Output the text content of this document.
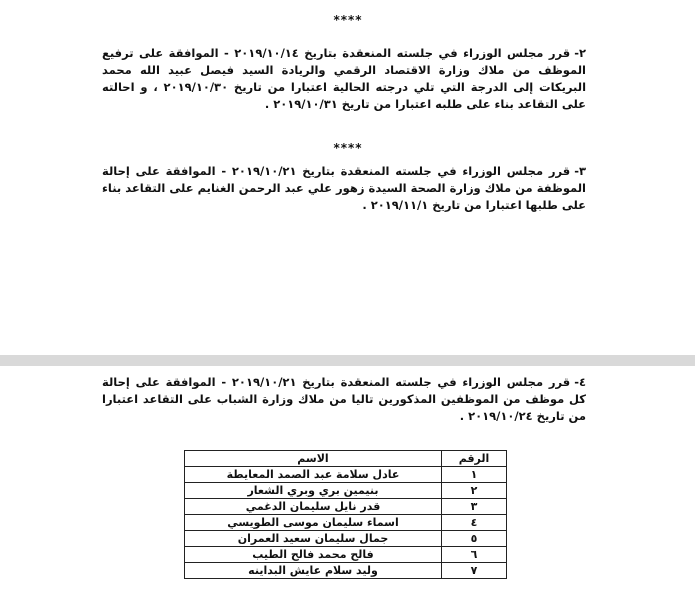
****

٢-قرر مجلس الوزراء في جلسته المنعقدة بتاريخ ٢٠١٩/١٠/١٤ - الموافقة على ترفيع الموظف من ملاك وزارة الاقتصاد الرقمي والريادة السيد فيصل عبيد الله محمد البريكات إلى الدرجة التي تلي درجته الحالية اعتبارا من تاريخ ٢٠١٩/١٠/٣٠ ، و احالته على التقاعد بناء على طلبه اعتبارا من تاريخ ٢٠١٩/١٠/٣١ .

****

٣-قرر مجلس الوزراء في جلسته المنعقدة بتاريخ ٢٠١٩/١٠/٢١ - الموافقة على إحالة الموظفة من ملاك وزارة الصحة السيدة زهور علي عبد الرحمن الغنايم على التقاعد بناء على طلبها اعتبارا من تاريخ ٢٠١٩/١١/١ .

٤-قرر مجلس الوزراء في جلسته المنعقدة بتاريخ ٢٠١٩/١٠/٢١ - الموافقة على إحالة كل موظف من الموظفين المذكورين تاليا من ملاك وزارة الشباب على التقاعد اعتبارا من تاريخ ٢٠١٩/١٠/٢٤ .

الرقم	الاسم
١	عادل سلامة عبد الصمد المعايطة
٢	بنيمين بري وبري الشعار
٣	قدر نايل سليمان الدغمي
٤	اسماء سليمان موسى الطويسي
٥	جمال سليمان سعيد العمران
٦	فالح محمد فالح الطيب
٧	وليد سلام عايش البداينه
